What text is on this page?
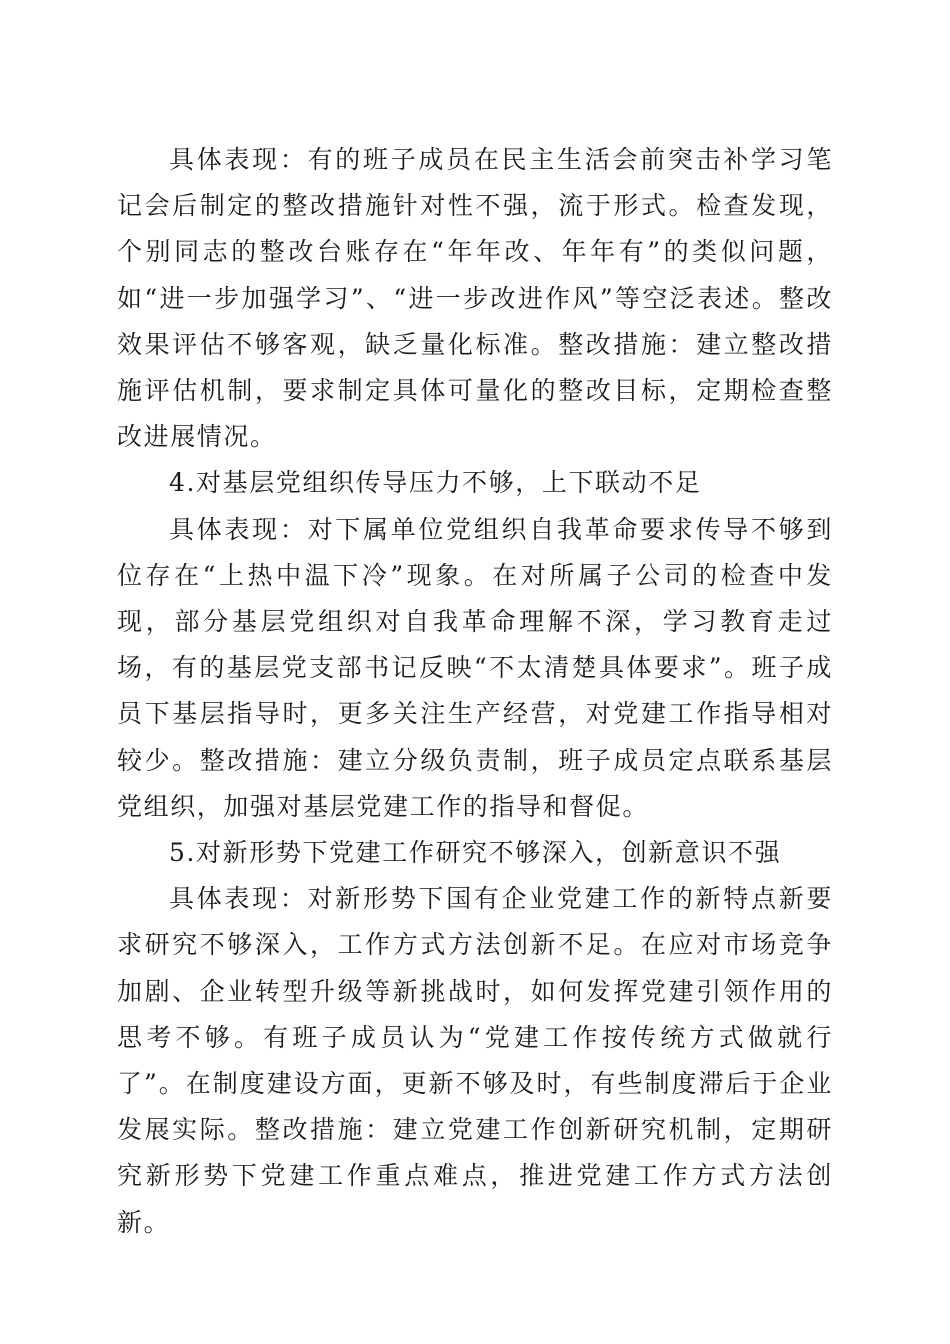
具体表现：有的班子成员在民主生活会前突击补学习笔记会后制定的整改措施针对性不强，流于形式。检查发现，个别同志的整改台账存在“年年改、年年有”的类似问题，如“进一步加强学习”、“进一步改进作风”等空泛表述。整改效果评估不够客观，缺乏量化标准。整改措施：建立整改措施评估机制，要求制定具体可量化的整改目标，定期检查整改进展情况。

4.对基层党组织传导压力不够，上下联动不足

具体表现：对下属单位党组织自我革命要求传导不够到位存在“上热中温下冷”现象。在对所属子公司的检查中发现，部分基层党组织对自我革命理解不深，学习教育走过场，有的基层党支部书记反映“不太清楚具体要求”。班子成员下基层指导时，更多关注生产经营，对党建工作指导相对较少。整改措施：建立分级负责制，班子成员定点联系基层党组织，加强对基层党建工作的指导和督促。

5.对新形势下党建工作研究不够深入，创新意识不强

具体表现：对新形势下国有企业党建工作的新特点新要求研究不够深入，工作方式方法创新不足。在应对市场竞争加剧、企业转型升级等新挑战时，如何发挥党建引领作用的思考不够。有班子成员认为“党建工作按传统方式做就行了”。在制度建设方面，更新不够及时，有些制度滞后于企业发展实际。整改措施：建立党建工作创新研究机制，定期研究新形势下党建工作重点难点，推进党建工作方式方法创新。
